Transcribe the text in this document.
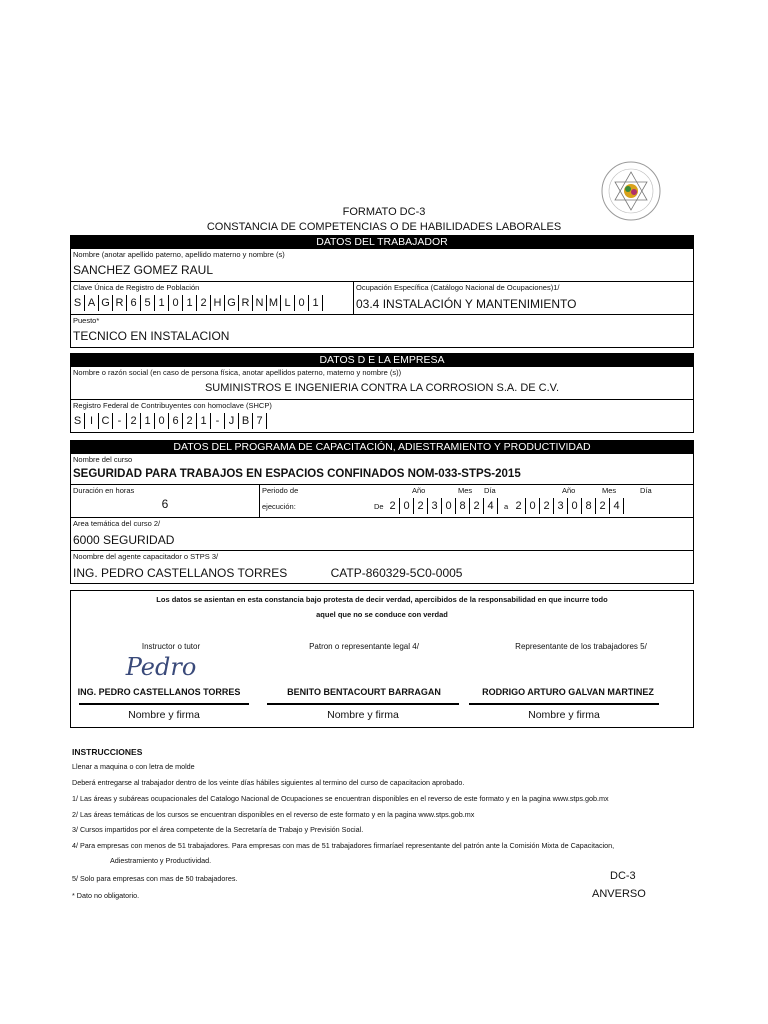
FORMATO DC-3
CONSTANCIA DE COMPETENCIAS O DE HABILIDADES LABORALES
DATOS DEL TRABAJADOR
Nombre (anotar apellido paterno, apellido materno y nombre (s)
SANCHEZ GOMEZ RAUL
Clave Única de Registro de Población
S A G R 6 5 1 0 1 2 H G R N M L 0 1
Ocupación Específica (Catálogo Nacional de Ocupaciones)1/
03.4 INSTALACIÓN Y MANTENIMIENTO
Puesto*
TECNICO EN INSTALACION
DATOS D E LA EMPRESA
Nombre o razón social (en caso de persona física, anotar apellidos paterno, materno y nombre (s))
SUMINISTROS E INGENIERIA CONTRA LA CORROSION S.A. DE C.V.
Registro Federal de Contribuyentes con homoclave (SHCP)
S I C - 2 1 0 6 2 1 - J B 7
DATOS DEL PROGRAMA DE CAPACITACIÓN, ADIESTRAMIENTO Y PRODUCTIVIDAD
Nombre del curso
SEGURIDAD PARA TRABAJOS EN ESPACIOS CONFINADOS NOM-033-STPS-2015
Duración en horas
6
Periodo de
ejecución:
Año	Mes Día	Año	Mes	Día
De 2 0 2 3 0 8 2 4	a 2 0 2 3 0 8 2 4
Area temática del curso 2/
6000 SEGURIDAD
Noombre del agente capacitador o STPS 3/
ING. PEDRO CASTELLANOS TORRES	CATP-860329-5C0-0005
Los datos se asientan en esta constancia bajo protesta de decir verdad, apercibidos de la responsabilidad en que incurre todo
aquel que no se conduce con verdad
Instructor o tutor	Patron o representante legal 4/	Representante de los trabajadores 5/
Pedro
ING. PEDRO CASTELLANOS TORRES	BENITO BENTACOURT BARRAGAN	RODRIGO ARTURO GALVAN MARTINEZ
Nombre y firma	Nombre y firma	Nombre y firma
INSTRUCCIONES
Llenar a maquina o con letra de molde
Deberá entregarse al trabajador dentro de los veinte días hábiles siguientes al termino del curso de capacitacion aprobado.
1/ Las áreas y subáreas ocupacionales del Catalogo Nacional de Ocupaciones se encuentran disponibles en el reverso de este formato y en la pagina www.stps.gob.mx
2/ Las áreas temáticas de los cursos se encuentran disponibles en el reverso de este formato y en la pagina www.stps.gob.mx
3/ Cursos impartidos por el área competente de la Secretaría de Trabajo y Previsión Social.
4/ Para empresas con menos de 51 trabajadores. Para empresas con mas de 51 trabajadores firmaríael representante del patrón ante la Comisión Mixta de Capacitacion,
Adiestramiento y Productividad.
5/ Solo para empresas con mas de 50 trabajadores.
* Dato no obligatorio.
DC-3
ANVERSO
